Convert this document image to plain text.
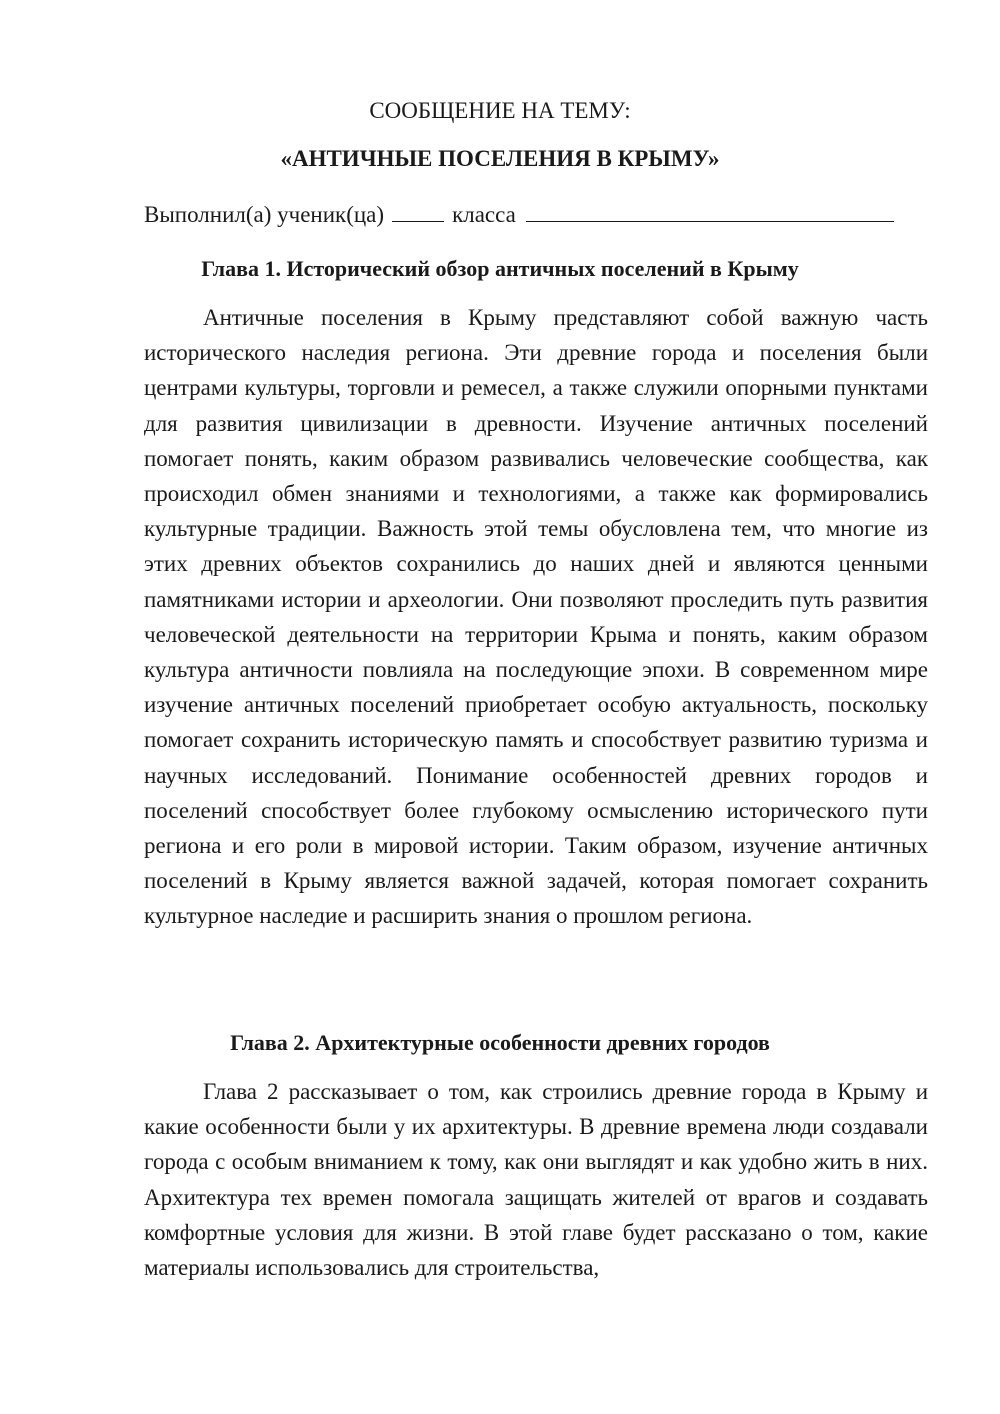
СООБЩЕНИЕ НА ТЕМУ:

«АНТИЧНЫЕ ПОСЕЛЕНИЯ В КРЫМУ»

Выполнил(а) ученик(ца)	класса
Глава 1. Исторический обзор античных поселений в Крыму

Античные поселения в Крыму представляют собой важную часть исторического наследия региона. Эти древние города и поселения были центрами культуры, торговли и ремесел, а также служили опорными пунктами для развития цивилизации в древности. Изучение античных поселений помогает понять, каким образом развивались человеческие сообщества, как происходил обмен знаниями и технологиями, а также как формировались культурные традиции. Важность этой темы обусловлена тем, что многие из этих древних объектов сохранились до наших дней и являются ценными памятниками истории и археологии. Они позволяют проследить путь развития человеческой деятельности на территории Крыма и понять, каким образом культура античности повлияла на последующие эпохи. В современном мире изучение античных поселений приобретает особую актуальность, поскольку помогает сохранить историческую память и способствует развитию туризма и научных исследований. Понимание особенностей древних городов и поселений способствует более глубокому осмыслению исторического пути региона и его роли в мировой истории. Таким образом, изучение античных поселений в Крыму является важной задачей, которая помогает сохранить культурное наследие и расширить знания о прошлом региона.

Глава 2. Архитектурные особенности древних городов

Глава 2 рассказывает о том, как строились древние города в Крыму и какие особенности были у их архитектуры. В древние времена люди создавали города с особым вниманием к тому, как они выглядят и как удобно жить в них. Архитектура тех времен помогала защищать жителей от врагов и создавать комфортные условия для жизни. В этой главе будет рассказано о том, какие материалы использовались для строительства,
